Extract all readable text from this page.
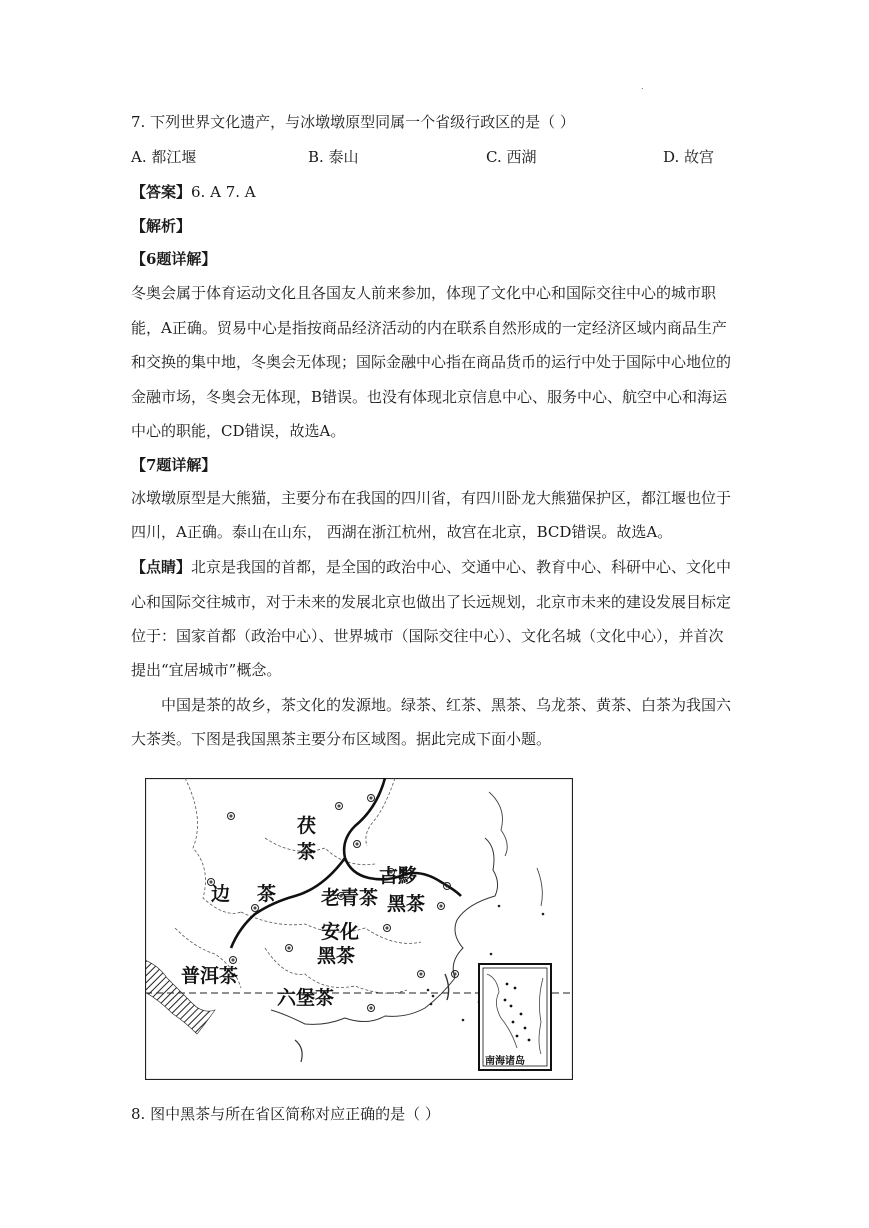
.
7. 下列世界文化遗产，与冰墩墩原型同属一个省级行政区的是（ ）
A. 都江堰	B. 泰山	C. 西湖	D. 故宫
【答案】6. A 7. A
【解析】
【6题详解】
冬奥会属于体育运动文化且各国友人前来参加，体现了文化中心和国际交往中心的城市职
能，A正确。贸易中心是指按商品经济活动的内在联系自然形成的一定经济区域内商品生产
和交换的集中地，冬奥会无体现；国际金融中心指在商品货币的运行中处于国际中心地位的
金融市场，冬奥会无体现，B错误。也没有体现北京信息中心、服务中心、航空中心和海运
中心的职能，CD错误，故选A。
【7题详解】
冰墩墩原型是大熊猫，主要分布在我国的四川省，有四川卧龙大熊猫保护区，都江堰也位于
四川，A正确。泰山在山东， 西湖在浙江杭州，故宫在北京，BCD错误。故选A。
【点睛】北京是我国的首都，是全国的政治中心、交通中心、教育中心、科研中心、文化中
心和国际交往城市，对于未来的发展北京也做出了长远规划，北京市未来的建设发展目标定
位于：国家首都（政治中心）、世界城市（国际交往中心）、文化名城（文化中心），并首次
提出“宜居城市”概念。
中国是茶的故乡，茶文化的发源地。绿茶、红茶、黑茶、乌龙茶、黄茶、白茶为我国六
大茶类。下图是我国黑茶主要分布区域图。据此完成下面小题。
南海诸岛
茯
茶
边 茶 老青茶
古黟
黑茶
安化
黑茶
普洱茶
六堡茶
8. 图中黑茶与所在省区简称对应正确的是（ ）
